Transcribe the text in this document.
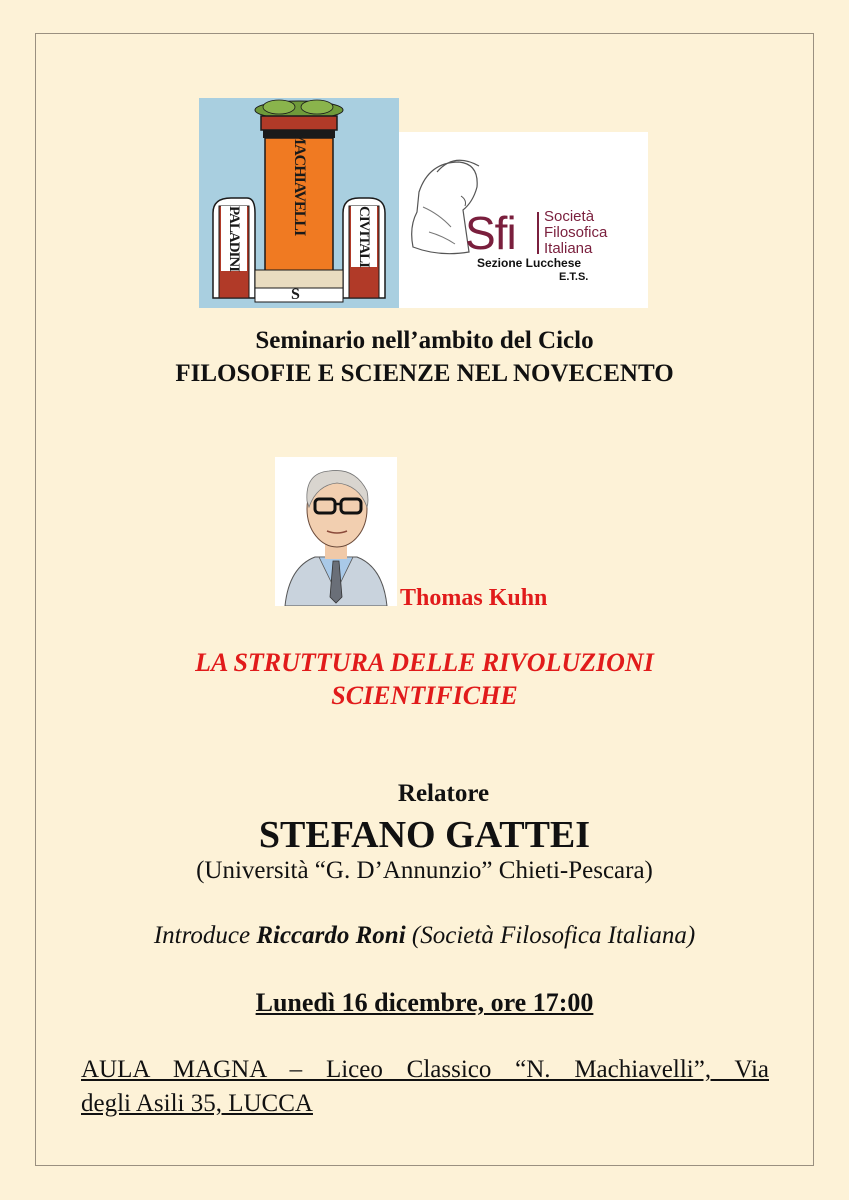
MACHIAVELLI
PALADINI	CIVITALI
S
Sfi Società
Filosofica
Italiana
Sezione Lucchese
E.T.S.
Seminario nell’ambito del Ciclo
FILOSOFIE E SCIENZE NEL NOVECENTO
Thomas Kuhn
LA STRUTTURA DELLE RIVOLUZIONI
SCIENTIFICHE
Relatore
STEFANO GATTEI
(Università “G. D’Annunzio” Chieti-Pescara)
Introduce Riccardo Roni (Società Filosofica Italiana)
Lunedì 16 dicembre, ore 17:00
AULA MAGNA – Liceo Classico “N. Machiavelli”, Via
degli Asili 35, LUCCA
